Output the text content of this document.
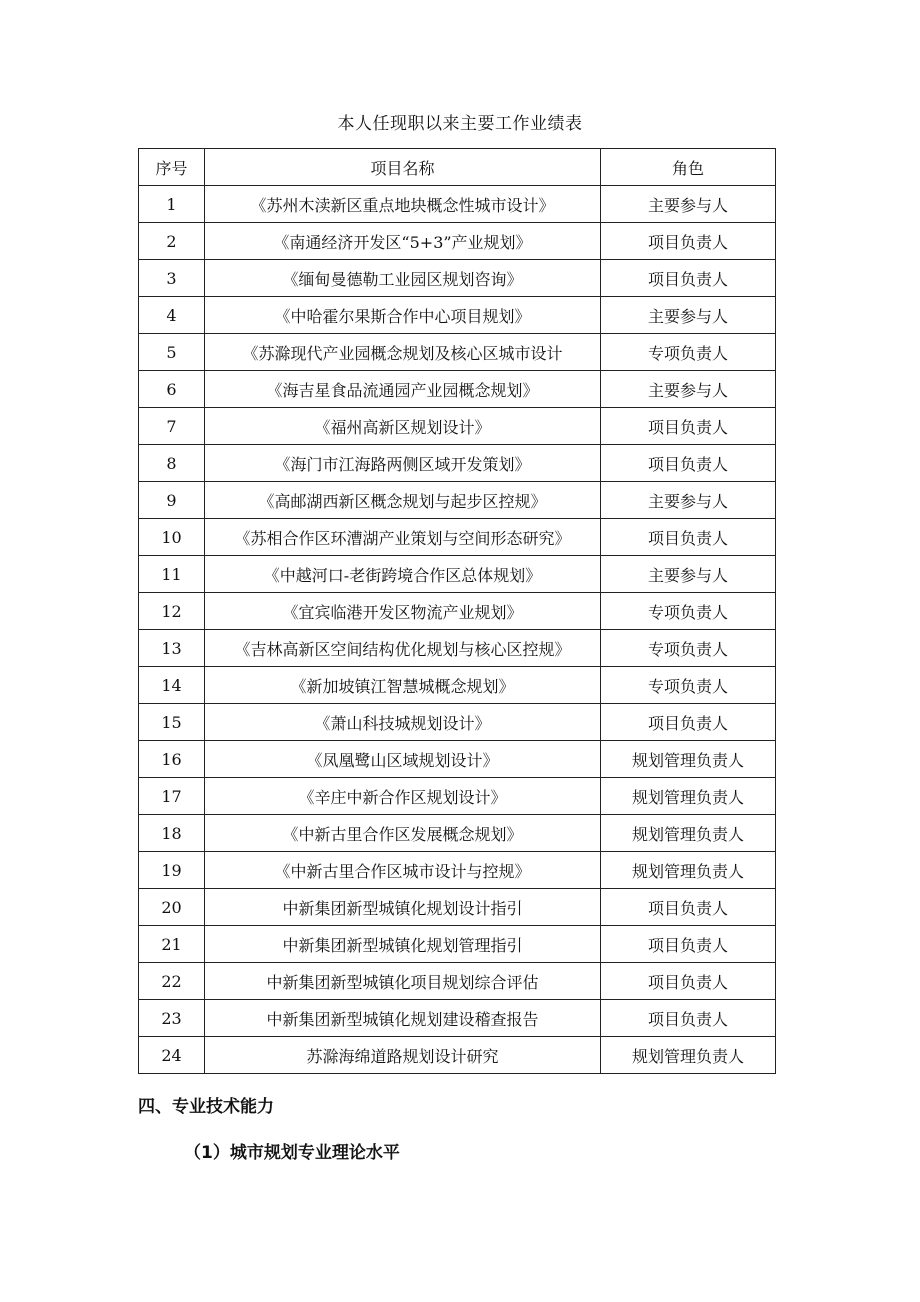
本人任现职以来主要工作业绩表
序号	项目名称	角色
1	《苏州木渎新区重点地块概念性城市设计》	主要参与人
2	《南通经济开发区“5+3”产业规划》	项目负责人
3	《缅甸曼德勒工业园区规划咨询》	项目负责人
4	《中哈霍尔果斯合作中心项目规划》	主要参与人
5	《苏滁现代产业园概念规划及核心区城市设计	专项负责人
6	《海吉星食品流通园产业园概念规划》	主要参与人
7	《福州高新区规划设计》	项目负责人
8	《海门市江海路两侧区域开发策划》	项目负责人
9	《高邮湖西新区概念规划与起步区控规》	主要参与人
10	《苏相合作区环漕湖产业策划与空间形态研究》	项目负责人
11	《中越河口-老街跨境合作区总体规划》	主要参与人
12	《宜宾临港开发区物流产业规划》	专项负责人
13	《吉林高新区空间结构优化规划与核心区控规》	专项负责人
14	《新加坡镇江智慧城概念规划》	专项负责人
15	《萧山科技城规划设计》	项目负责人
16	《凤凰鹭山区域规划设计》	规划管理负责人
17	《辛庄中新合作区规划设计》	规划管理负责人
18	《中新古里合作区发展概念规划》	规划管理负责人
19	《中新古里合作区城市设计与控规》	规划管理负责人
20	中新集团新型城镇化规划设计指引	项目负责人
21	中新集团新型城镇化规划管理指引	项目负责人
22	中新集团新型城镇化项目规划综合评估	项目负责人
23	中新集团新型城镇化规划建设稽查报告	项目负责人
24	苏滁海绵道路规划设计研究	规划管理负责人
四、专业技术能力
（1）城市规划专业理论水平
